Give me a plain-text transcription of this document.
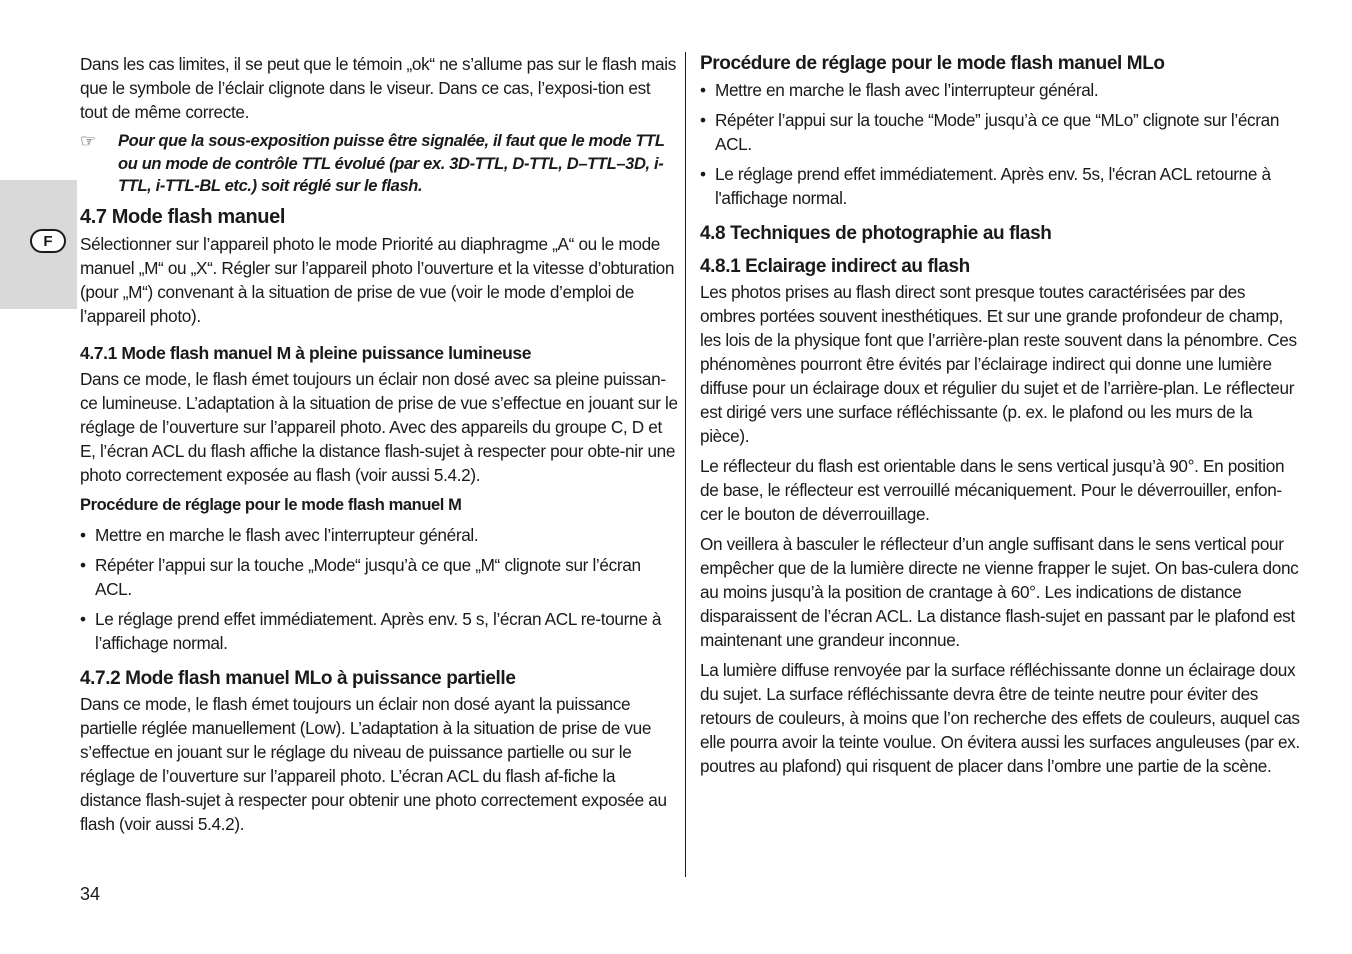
F

Dans les cas limites, il se peut que le témoin „ok“ ne s’allume pas sur le flash mais que le symbole de l’éclair clignote dans le viseur. Dans ce cas, l’exposi-tion est tout de même correcte.

☞ Pour que la sous-exposition puisse être signalée, il faut que le mode TTL ou un mode de contrôle TTL évolué (par ex. 3D-TTL, D-TTL, D–TTL–3D, i-TTL, i-TTL-BL etc.) soit réglé sur le flash.
4.7 Mode flash manuel

Sélectionner sur l’appareil photo le mode Priorité au diaphragme „A“ ou le mode manuel „M“ ou „X“. Régler sur l’appareil photo l’ouverture et la vitesse d’obturation (pour „M“) convenant à la situation de prise de vue (voir le mode d’emploi de l’appareil photo).

4.7.1 Mode flash manuel M à pleine puissance lumineuse

Dans ce mode, le flash émet toujours un éclair non dosé avec sa pleine puissan-ce lumineuse. L’adaptation à la situation de prise de vue s’effectue en jouant sur le réglage de l’ouverture sur l’appareil photo. Avec des appareils du groupe C, D et E, l’écran ACL du flash affiche la distance flash-sujet à respecter pour obte-nir une photo correctement exposée au flash (voir aussi 5.4.2).

Procédure de réglage pour le mode flash manuel M
• Mettre en marche le flash avec l’interrupteur général.
• Répéter l’appui sur la touche „Mode“ jusqu’à ce que „M“ clignote sur l’écran ACL.
• Le réglage prend effet immédiatement. Après env. 5 s, l’écran ACL re-tourne à l’affichage normal.
4.7.2 Mode flash manuel MLo à puissance partielle

Dans ce mode, le flash émet toujours un éclair non dosé ayant la puissance partielle réglée manuellement (Low). L’adaptation à la situation de prise de vue s’effectue en jouant sur le réglage du niveau de puissance partielle ou sur le réglage de l’ouverture sur l’appareil photo. L’écran ACL du flash af-fiche la distance flash-sujet à respecter pour obtenir une photo correctement exposée au flash (voir aussi 5.4.2).

Procédure de réglage pour le mode flash manuel MLo
• Mettre en marche le flash avec l’interrupteur général.
• Répéter l’appui sur la touche “Mode” jusqu’à ce que “MLo” clignote sur l’écran ACL.
• Le réglage prend effet immédiatement. Après env. 5s, l'écran ACL retourne à l'affichage normal.
4.8 Techniques de photographie au flash
4.8.1 Eclairage indirect au flash

Les photos prises au flash direct sont presque toutes caractérisées par des ombres portées souvent inesthétiques. Et sur une grande profondeur de champ, les lois de la physique font que l’arrière-plan reste souvent dans la pénombre. Ces phénomènes pourront être évités par l’éclairage indirect qui donne une lumière diffuse pour un éclairage doux et régulier du sujet et de l’arrière-plan. Le réflecteur est dirigé vers une surface réfléchissante (p. ex. le plafond ou les murs de la pièce).

Le réflecteur du flash est orientable dans le sens vertical jusqu’à 90°. En position de base, le réflecteur est verrouillé mécaniquement. Pour le déverrouiller, enfon-cer le bouton de déverrouillage.

On veillera à basculer le réflecteur d’un angle suffisant dans le sens vertical pour empêcher que de la lumière directe ne vienne frapper le sujet. On bas-culera donc au moins jusqu’à la position de crantage à 60°. Les indications de distance disparaissent de l’écran ACL. La distance flash-sujet en passant par le plafond est maintenant une grandeur inconnue.

La lumière diffuse renvoyée par la surface réfléchissante donne un éclairage doux du sujet. La surface réfléchissante devra être de teinte neutre pour éviter des retours de couleurs, à moins que l’on recherche des effets de couleurs, auquel cas elle pourra avoir la teinte voulue. On évitera aussi les surfaces anguleuses (par ex. poutres au plafond) qui risquent de placer dans l’ombre une partie de la scène.

34
